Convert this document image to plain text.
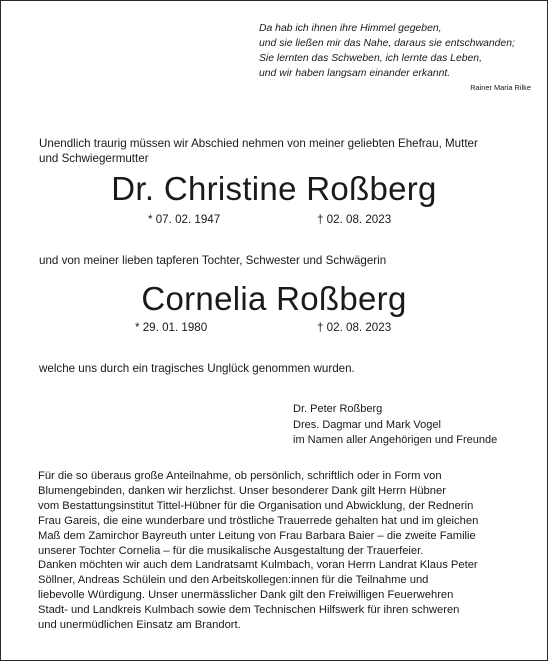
Da hab ich ihnen ihre Himmel gegeben,
und sie ließen mir das Nahe, daraus sie entschwanden;
Sie lernten das Schweben, ich lernte das Leben,
und wir haben langsam einander erkannt.
Rainer Maria Rilke
Unendlich traurig müssen wir Abschied nehmen von meiner geliebten Ehefrau, Mutter
und Schwiegermutter
Dr. Christine Roßberg
* 07. 02. 1947	† 02. 08. 2023
und von meiner lieben tapferen Tochter, Schwester und Schwägerin
Cornelia Roßberg
* 29. 01. 1980	† 02. 08. 2023
welche uns durch ein tragisches Unglück genommen wurden.
Dr. Peter Roßberg
Dres. Dagmar und Mark Vogel
im Namen aller Angehörigen und Freunde
Für die so überaus große Anteilnahme, ob persönlich, schriftlich oder in Form von
Blumengebinden, danken wir herzlichst. Unser besonderer Dank gilt Herrn Hübner
vom Bestattungsinstitut Tittel-Hübner für die Organisation und Abwicklung, der Rednerin
Frau Gareis, die eine wunderbare und tröstliche Trauerrede gehalten hat und im gleichen
Maß dem Zamirchor Bayreuth unter Leitung von Frau Barbara Baier – die zweite Familie
unserer Tochter Cornelia – für die musikalische Ausgestaltung der Trauerfeier.
Danken möchten wir auch dem Landratsamt Kulmbach, voran Herrn Landrat Klaus Peter
Söllner, Andreas Schülein und den Arbeitskollegen:innen für die Teilnahme und
liebevolle Würdigung. Unser unermässlicher Dank gilt den Freiwilligen Feuerwehren
Stadt- und Landkreis Kulmbach sowie dem Technischen Hilfswerk für ihren schweren
und unermüdlichen Einsatz am Brandort.
